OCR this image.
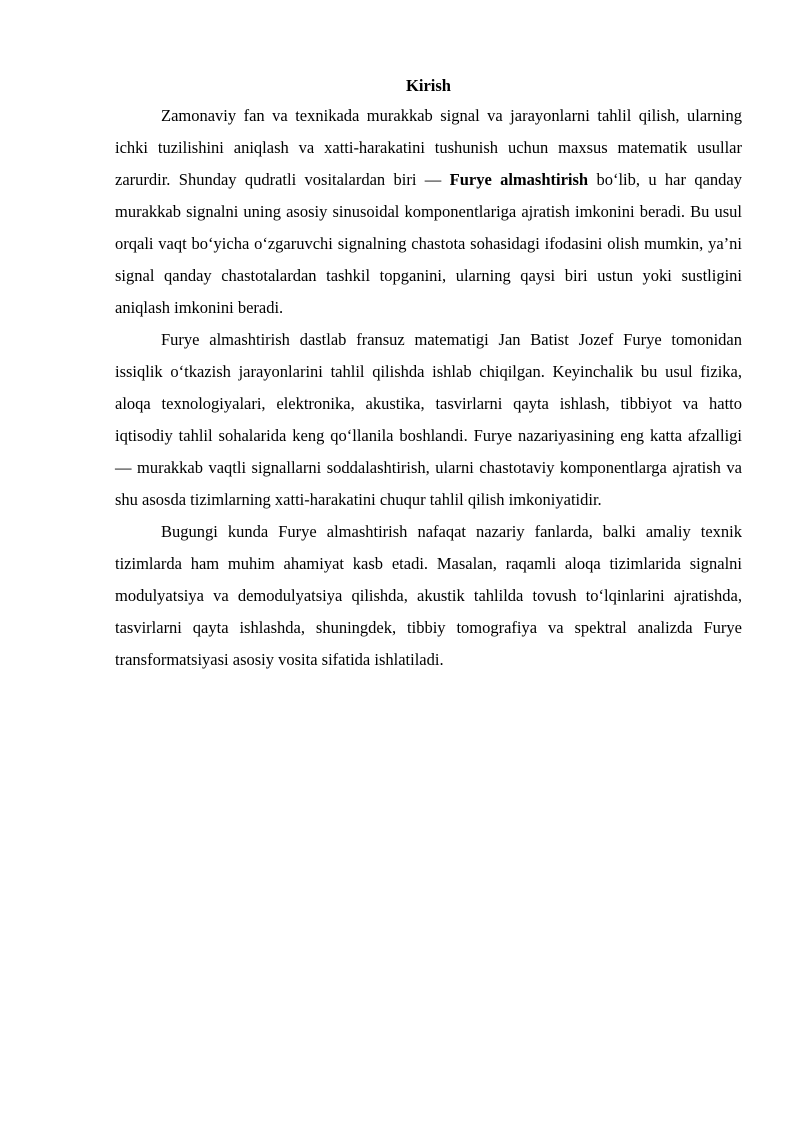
Kirish

Zamonaviy fan va texnikada murakkab signal va jarayonlarni tahlil qilish, ularning ichki tuzilishini aniqlash va xatti-harakatini tushunish uchun maxsus matematik usullar zarurdir. Shunday qudratli vositalardan biri — Furye almashtirish bo‘lib, u har qanday murakkab signalni uning asosiy sinusoidal komponentlariga ajratish imkonini beradi. Bu usul orqali vaqt bo‘yicha o‘zgaruvchi signalning chastota sohasidagi ifodasini olish mumkin, ya’ni signal qanday chastotalardan tashkil topganini, ularning qaysi biri ustun yoki sustligini aniqlash imkonini beradi.

Furye almashtirish dastlab fransuz matematigi Jan Batist Jozef Furye tomonidan issiqlik o‘tkazish jarayonlarini tahlil qilishda ishlab chiqilgan. Keyinchalik bu usul fizika, aloqa texnologiyalari, elektronika, akustika, tasvirlarni qayta ishlash, tibbiyot va hatto iqtisodiy tahlil sohalarida keng qo‘llanila boshlandi. Furye nazariyasining eng katta afzalligi — murakkab vaqtli signallarni soddalashtirish, ularni chastotaviy komponentlarga ajratish va shu asosda tizimlarning xatti-harakatini chuqur tahlil qilish imkoniyatidir.

Bugungi kunda Furye almashtirish nafaqat nazariy fanlarda, balki amaliy texnik tizimlarda ham muhim ahamiyat kasb etadi. Masalan, raqamli aloqa tizimlarida signalni modulyatsiya va demodulyatsiya qilishda, akustik tahlilda tovush to‘lqinlarini ajratishda, tasvirlarni qayta ishlashda, shuningdek, tibbiy tomografiya va spektral analizda Furye transformatsiyasi asosiy vosita sifatida ishlatiladi.
